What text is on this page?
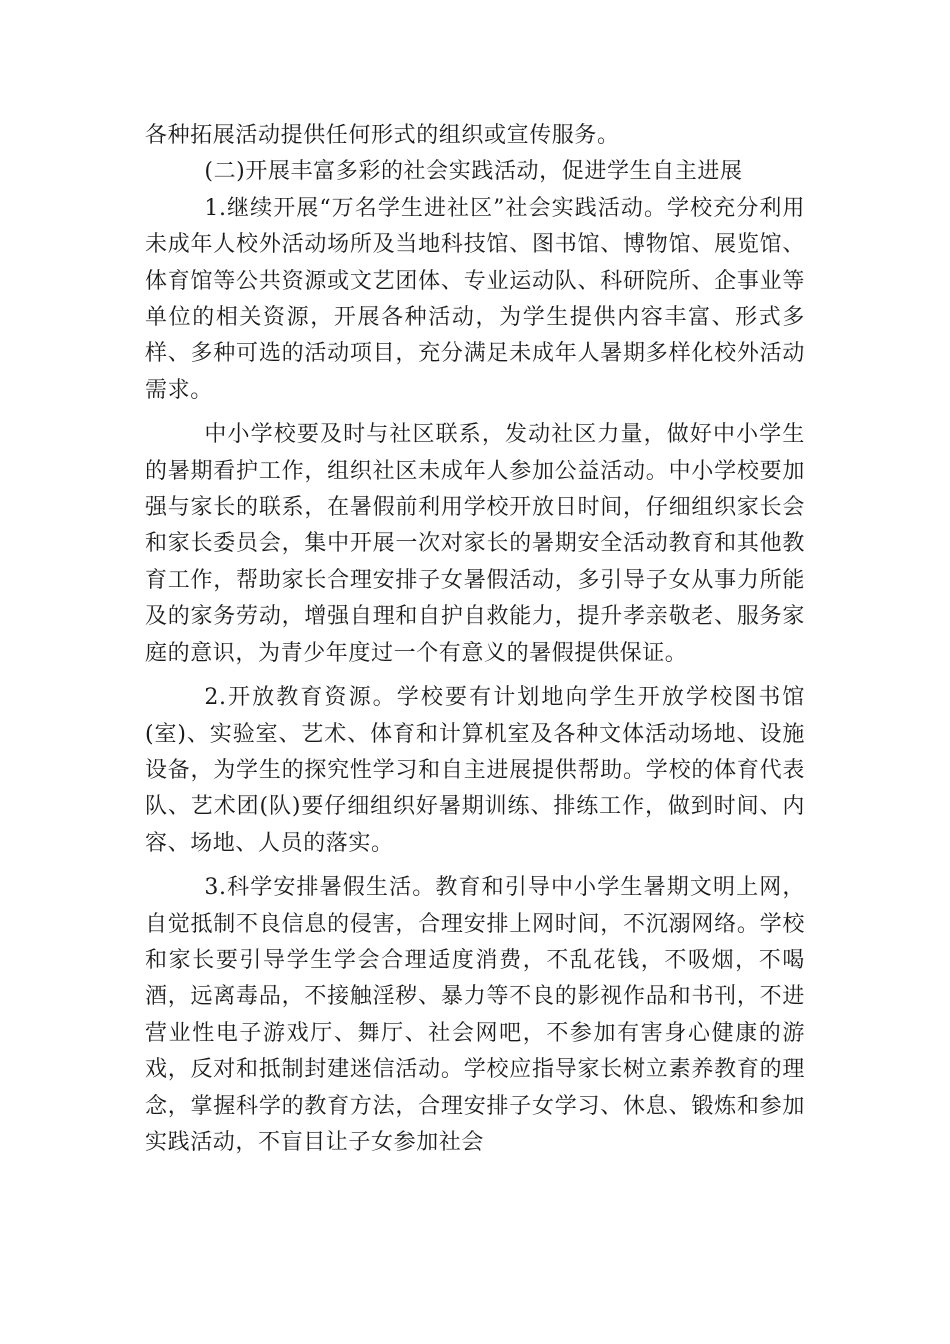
各种拓展活动提供任何形式的组织或宣传服务。

(二)开展丰富多彩的社会实践活动，促进学生自主进展

1.继续开展“万名学生进社区”社会实践活动。学校充分利用未成年人校外活动场所及当地科技馆、图书馆、博物馆、展览馆、体育馆等公共资源或文艺团体、专业运动队、科研院所、企事业等单位的相关资源，开展各种活动，为学生提供内容丰富、形式多样、多种可选的活动项目，充分满足未成年人暑期多样化校外活动需求。

中小学校要及时与社区联系，发动社区力量，做好中小学生的暑期看护工作，组织社区未成年人参加公益活动。中小学校要加强与家长的联系，在暑假前利用学校开放日时间，仔细组织家长会和家长委员会，集中开展一次对家长的暑期安全活动教育和其他教育工作，帮助家长合理安排子女暑假活动，多引导子女从事力所能及的家务劳动，增强自理和自护自救能力，提升孝亲敬老、服务家庭的意识，为青少年度过一个有意义的暑假提供保证。

2.开放教育资源。学校要有计划地向学生开放学校图书馆(室)、实验室、艺术、体育和计算机室及各种文体活动场地、设施设备，为学生的探究性学习和自主进展提供帮助。学校的体育代表队、艺术团(队)要仔细组织好暑期训练、排练工作，做到时间、内容、场地、人员的落实。

3.科学安排暑假生活。教育和引导中小学生暑期文明上网，自觉抵制不良信息的侵害，合理安排上网时间，不沉溺网络。学校和家长要引导学生学会合理适度消费，不乱花钱，不吸烟，不喝酒，远离毒品，不接触淫秽、暴力等不良的影视作品和书刊，不进营业性电子游戏厅、舞厅、社会网吧，不参加有害身心健康的游戏，反对和抵制封建迷信活动。学校应指导家长树立素养教育的理念，掌握科学的教育方法，合理安排子女学习、休息、锻炼和参加实践活动，不盲目让子女参加社会
